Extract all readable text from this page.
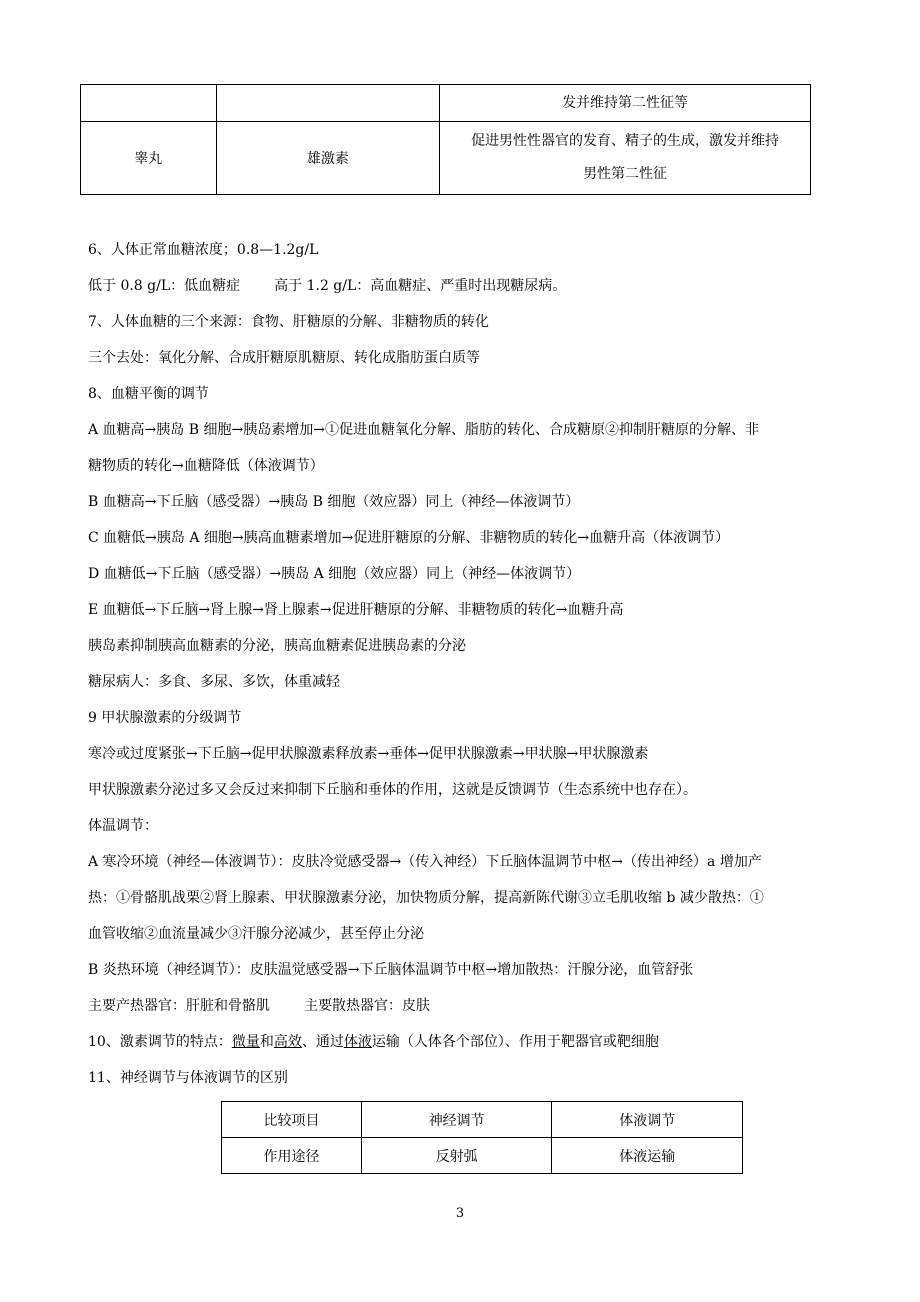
		发并维持第二性征等
睾丸	雄激素	促进男性性器官的发育、精子的生成，激发并维持
男性第二性征
6、人体正常血糖浓度；0.8—1.2g/L
低于 0.8 g/L：低血糖症 高于 1.2 g/L：高血糖症、严重时出现糖尿病。
7、人体血糖的三个来源：食物、肝糖原的分解、非糖物质的转化
三个去处：氧化分解、合成肝糖原肌糖原、转化成脂肪蛋白质等
8、血糖平衡的调节
A 血糖高→胰岛 B 细胞→胰岛素增加→①促进血糖氧化分解、脂肪的转化、合成糖原②抑制肝糖原的分解、非
糖物质的转化→血糖降低（体液调节）
B 血糖高→下丘脑（感受器）→胰岛 B 细胞（效应器）同上（神经—体液调节）
C 血糖低→胰岛 A 细胞→胰高血糖素增加→促进肝糖原的分解、非糖物质的转化→血糖升高（体液调节）
D 血糖低→下丘脑（感受器）→胰岛 A 细胞（效应器）同上（神经—体液调节）
E 血糖低→下丘脑→肾上腺→肾上腺素→促进肝糖原的分解、非糖物质的转化→血糖升高
胰岛素抑制胰高血糖素的分泌，胰高血糖素促进胰岛素的分泌
糖尿病人：多食、多尿、多饮，体重减轻
9 甲状腺激素的分级调节
寒冷或过度紧张→下丘脑→促甲状腺激素释放素→垂体→促甲状腺激素→甲状腺→甲状腺激素
甲状腺激素分泌过多又会反过来抑制下丘脑和垂体的作用，这就是反馈调节（生态系统中也存在）。
体温调节：
A 寒冷环境（神经—体液调节）：皮肤冷觉感受器→（传入神经）下丘脑体温调节中枢→（传出神经）a 增加产
热：①骨骼肌战栗②肾上腺素、甲状腺激素分泌，加快物质分解，提高新陈代谢③立毛肌收缩 b 减少散热：①
血管收缩②血流量减少③汗腺分泌减少，甚至停止分泌
B 炎热环境（神经调节）：皮肤温觉感受器→下丘脑体温调节中枢→增加散热：汗腺分泌，血管舒张
主要产热器官：肝脏和骨骼肌 主要散热器官：皮肤
10、激素调节的特点：微量和高效、通过体液运输（人体各个部位）、作用于靶器官或靶细胞
11、神经调节与体液调节的区别
比较项目	神经调节	体液调节
作用途径	反射弧	体液运输
3
